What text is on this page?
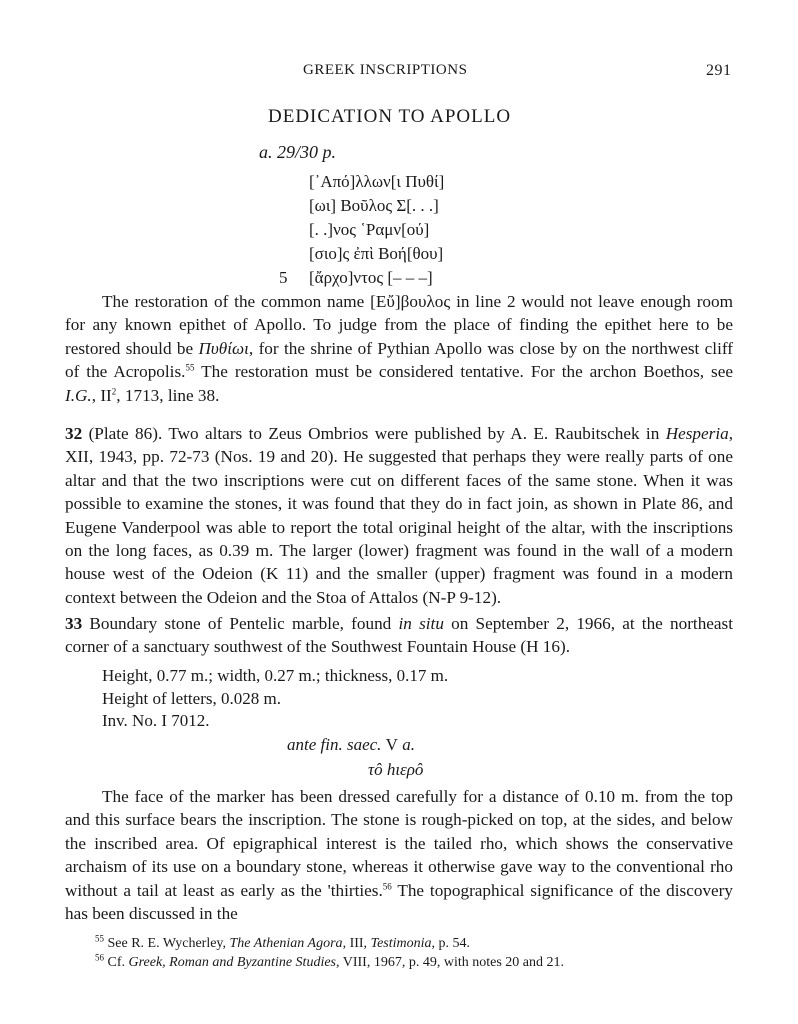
GREEK INSCRIPTIONS	291
DEDICATION TO APOLLO
a. 29/30 p.
[᾿Από]λλων[ι Πυθί]
[ωι] Βοῦλος Σ[. . .]
[. .]νος ῾Ραμν[ού]
[σιο]ς ἐπὶ Βοή[θου]
5	[ἄρχο]ντος [– – –]

The restoration of the common name [Εὔ]βουλος in line 2 would not leave enough room for any known epithet of Apollo. To judge from the place of finding the epithet here to be restored should be Πυθίωι, for the shrine of Pythian Apollo was close by on the northwest cliff of the Acropolis.$^{55}$ The restoration must be considered tentative. For the archon Boethos, see I.G., $II^2$, 1713, line 38.

32 (Plate 86). Two altars to Zeus Ombrios were published by A. E. Raubitschek in Hesperia, XII, 1943, pp. 72-73 (Nos. 19 and 20). He suggested that perhaps they were really parts of one altar and that the two inscriptions were cut on different faces of the same stone. When it was possible to examine the stones, it was found that they do in fact join, as shown in Plate 86, and Eugene Vanderpool was able to report the total original height of the altar, with the inscriptions on the long faces, as 0.39 m. The larger (lower) fragment was found in the wall of a modern house west of the Odeion (K 11) and the smaller (upper) fragment was found in a modern context between the Odeion and the Stoa of Attalos (N-P 9-12).

33 Boundary stone of Pentelic marble, found in situ on September 2, 1966, at the northeast corner of a sanctuary southwest of the Southwest Fountain House (H 16).

Height, 0.77 m.; width, 0.27 m.; thickness, 0.17 m.
Height of letters, 0.028 m.
Inv. No. I 7012.
ante fin. saec. V a.
τô hιερô

The face of the marker has been dressed carefully for a distance of 0.10 m. from the top and this surface bears the inscription. The stone is rough-picked on top, at the sides, and below the inscribed area. Of epigraphical interest is the tailed rho, which shows the conservative archaism of its use on a boundary stone, whereas it otherwise gave way to the conventional rho without a tail at least as early as the 'thirties.$^{56}$ The topographical significance of the discovery has been discussed in the

$^{55}$ See R. E. Wycherley, The Athenian Agora, III, Testimonia, p. 54.
$^{56}$ Cf. Greek, Roman and Byzantine Studies, VIII, 1967, p. 49, with notes 20 and 21.
